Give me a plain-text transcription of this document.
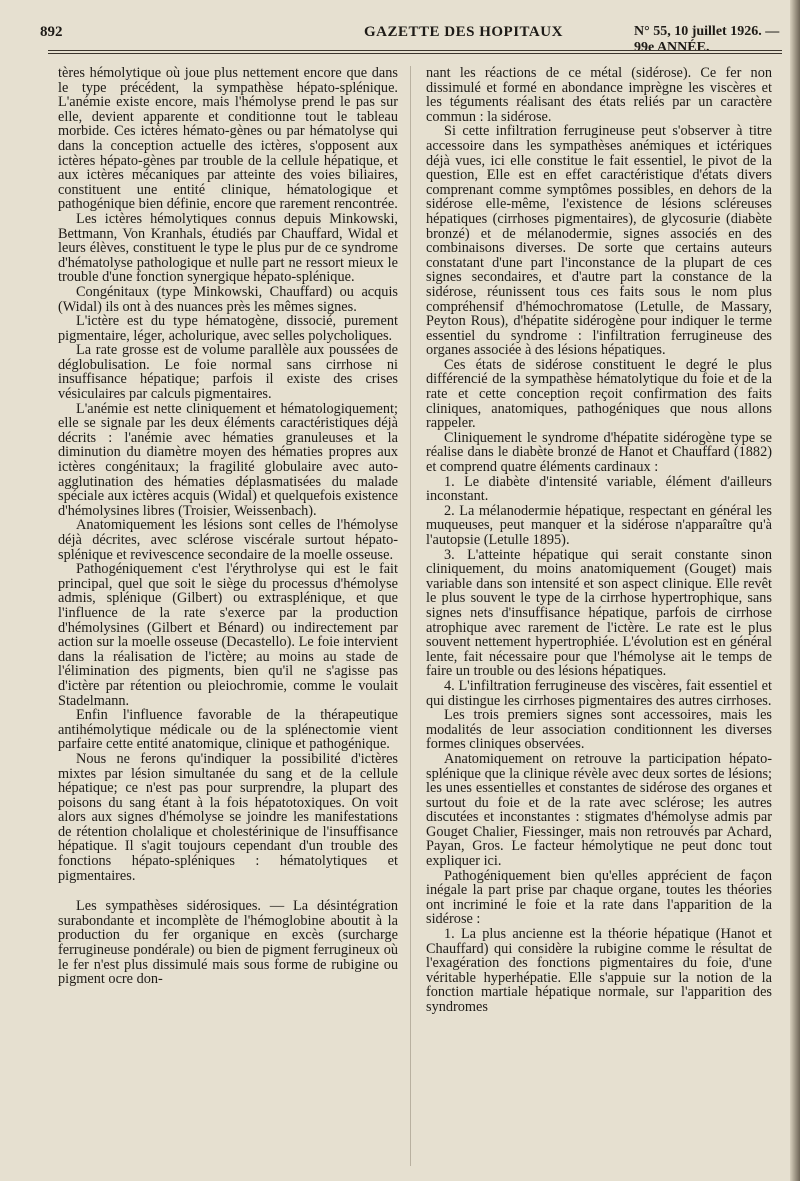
892	GAZETTE DES HOPITAUX	N° 55, 10 juillet 1926. — 99e ANNÉE.

tères hémolytique où joue plus nettement encore que dans le type précédent, la sympathèse hépato-splénique. L'anémie existe encore, mais l'hémolyse prend le pas sur elle, devient apparente et conditionne tout le tableau morbide. Ces ictères hémato-gènes ou par hématolyse qui dans la conception actuelle des ictères, s'opposent aux ictères hépato-gènes par trouble de la cellule hépatique, et aux ictères mécaniques par atteinte des voies biliaires, constituent une entité clinique, hématologique et pathogénique bien définie, encore que rarement rencontrée.

Les ictères hémolytiques connus depuis Minkowski, Bettmann, Von Kranhals, étudiés par Chauffard, Widal et leurs élèves, constituent le type le plus pur de ce syndrome d'hématolyse pathologique et nulle part ne ressort mieux le trouble d'une fonction synergique hépato-splénique.

Congénitaux (type Minkowski, Chauffard) ou acquis (Widal) ils ont à des nuances près les mêmes signes.

L'ictère est du type hématogène, dissocié, purement pigmentaire, léger, acholurique, avec selles polycholiques.

La rate grosse est de volume parallèle aux poussées de déglobulisation. Le foie normal sans cirrhose ni insuffisance hépatique; parfois il existe des crises vésiculaires par calculs pigmentaires.

L'anémie est nette cliniquement et hématologiquement; elle se signale par les deux éléments caractéristiques déjà décrits : l'anémie avec hématies granuleuses et la diminution du diamètre moyen des hématies propres aux ictères congénitaux; la fragilité globulaire avec auto-agglutination des hématies déplasmatisées du malade spéciale aux ictères acquis (Widal) et quelquefois existence d'hémolysines libres (Troisier, Weissenbach).

Anatomiquement les lésions sont celles de l'hémolyse déjà décrites, avec sclérose viscérale surtout hépato-splénique et revivescence secondaire de la moelle osseuse.

Pathogéniquement c'est l'érythrolyse qui est le fait principal, quel que soit le siège du processus d'hémolyse admis, splénique (Gilbert) ou extrasplénique, et que l'influence de la rate s'exerce par la production d'hémolysines (Gilbert et Bénard) ou indirectement par action sur la moelle osseuse (Decastello). Le foie intervient dans la réalisation de l'ictère; au moins au stade de l'élimination des pigments, bien qu'il ne s'agisse pas d'ictère par rétention ou pleiochromie, comme le voulait Stadelmann.

Enfin l'influence favorable de la thérapeutique antihémolytique médicale ou de la splénectomie vient parfaire cette entité anatomique, clinique et pathogénique.

Nous ne ferons qu'indiquer la possibilité d'ictères mixtes par lésion simultanée du sang et de la cellule hépatique; ce n'est pas pour surprendre, la plupart des poisons du sang étant à la fois hépatotoxiques. On voit alors aux signes d'hémolyse se joindre les manifestations de rétention cholalique et cholestérinique de l'insuffisance hépatique. Il s'agit toujours cependant d'un trouble des fonctions hépato-spléniques : hématolytiques et pigmentaires.

Les sympathèses sidérosiques. — La désintégration surabondante et incomplète de l'hémoglobine aboutit à la production du fer organique en excès (surcharge ferrugineuse pondérale) ou bien de pigment ferrugineux où le fer n'est plus dissimulé mais sous forme de rubigine ou pigment ocre don-

nant les réactions de ce métal (sidérose). Ce fer non dissimulé et formé en abondance imprègne les viscères et les téguments réalisant des états reliés par un caractère commun : la sidérose.

Si cette infiltration ferrugineuse peut s'observer à titre accessoire dans les sympathèses anémiques et ictériques déjà vues, ici elle constitue le fait essentiel, le pivot de la question, Elle est en effet caractéristique d'états divers comprenant comme symptômes possibles, en dehors de la sidérose elle-même, l'existence de lésions scléreuses hépatiques (cirrhoses pigmentaires), de glycosurie (diabète bronzé) et de mélanodermie, signes associés en des combinaisons diverses. De sorte que certains auteurs constatant d'une part l'inconstance de la plupart de ces signes secondaires, et d'autre part la constance de la sidérose, réunissent tous ces faits sous le nom plus compréhensif d'hémochromatose (Letulle, de Massary, Peyton Rous), d'hépatite sidérogène pour indiquer le terme essentiel du syndrome : l'infiltration ferrugineuse des organes associée à des lésions hépatiques.

Ces états de sidérose constituent le degré le plus différencié de la sympathèse hématolytique du foie et de la rate et cette conception reçoit confirmation des faits cliniques, anatomiques, pathogéniques que nous allons rappeler.

Cliniquement le syndrome d'hépatite sidérogène type se réalise dans le diabète bronzé de Hanot et Chauffard (1882) et comprend quatre éléments cardinaux :

1. Le diabète d'intensité variable, élément d'ailleurs inconstant.

2. La mélanodermie hépatique, respectant en général les muqueuses, peut manquer et la sidérose n'apparaître qu'à l'autopsie (Letulle 1895).

3. L'atteinte hépatique qui serait constante sinon cliniquement, du moins anatomiquement (Gouget) mais variable dans son intensité et son aspect clinique. Elle revêt le plus souvent le type de la cirrhose hypertrophique, sans signes nets d'insuffisance hépatique, parfois de cirrhose atrophique avec rarement de l'ictère. Le rate est le plus souvent nettement hypertrophiée. L'évolution est en général lente, fait nécessaire pour que l'hémolyse ait le temps de faire un trouble ou des lésions hépatiques.

4. L'infiltration ferrugineuse des viscères, fait essentiel et qui distingue les cirrhoses pigmentaires des autres cirrhoses.

Les trois premiers signes sont accessoires, mais les modalités de leur association conditionnent les diverses formes cliniques observées.

Anatomiquement on retrouve la participation hépato-splénique que la clinique révèle avec deux sortes de lésions; les unes essentielles et constantes de sidérose des organes et surtout du foie et de la rate avec sclérose; les autres discutées et inconstantes : stigmates d'hémolyse admis par Gouget Chalier, Fiessinger, mais non retrouvés par Achard, Payan, Gros. Le facteur hémolytique ne peut donc tout expliquer ici.

Pathogéniquement bien qu'elles apprécient de façon inégale la part prise par chaque organe, toutes les théories ont incriminé le foie et la rate dans l'apparition de la sidérose :

1. La plus ancienne est la théorie hépatique (Hanot et Chauffard) qui considère la rubigine comme le résultat de l'exagération des fonctions pigmentaires du foie, d'une véritable hyperhépatie. Elle s'appuie sur la notion de la fonction martiale hépatique normale, sur l'apparition des syndromes
